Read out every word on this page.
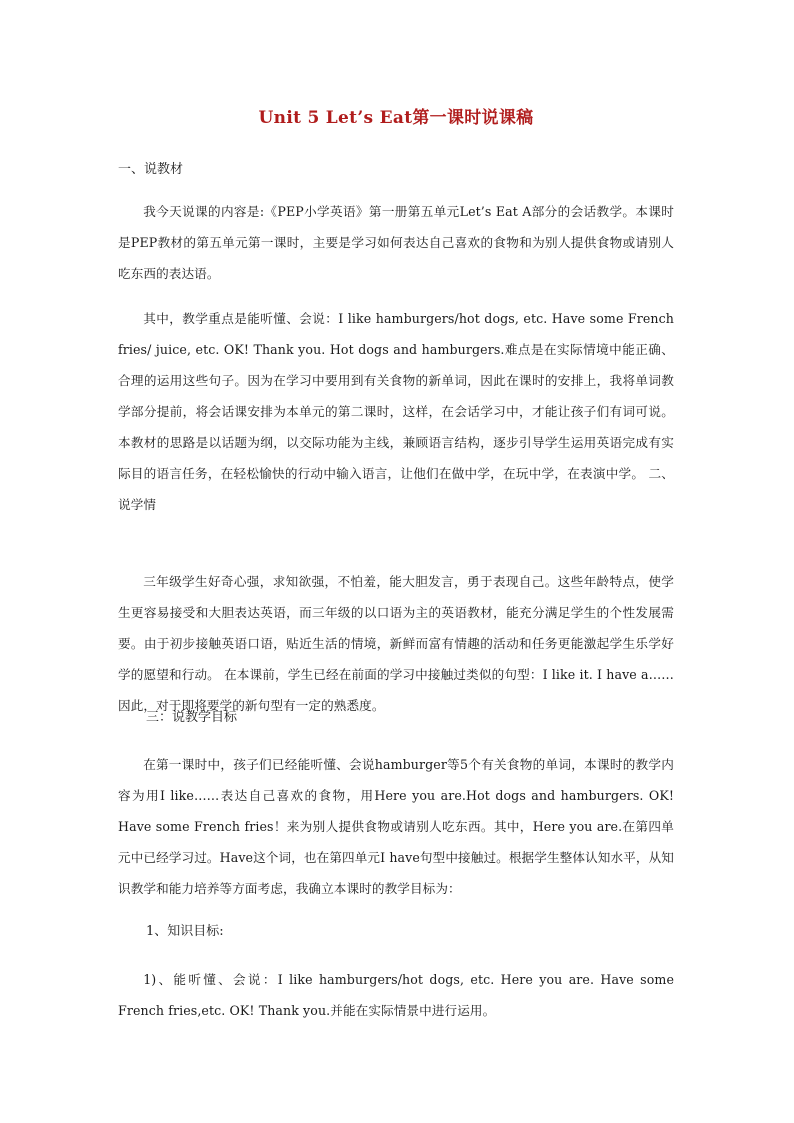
Unit 5 Let’s Eat第一课时说课稿
一、说教材
我今天说课的内容是:《PEP小学英语》第一册第五单元Let’s Eat A部分的会话教学。本课时是PEP教材的第五单元第一课时，主要是学习如何表达自己喜欢的食物和为别人提供食物或请别人吃东西的表达语。
其中，教学重点是能听懂、会说：I like hamburgers/hot dogs, etc. Have some French fries/ juice, etc. OK! Thank you. Hot dogs and hamburgers.难点是在实际情境中能正确、合理的运用这些句子。因为在学习中要用到有关食物的新单词，因此在课时的安排上，我将单词教学部分提前，将会话课安排为本单元的第二课时，这样，在会话学习中，才能让孩子们有词可说。本教材的思路是以话题为纲，以交际功能为主线，兼顾语言结构，逐步引导学生运用英语完成有实际目的语言任务，在轻松愉快的行动中输入语言，让他们在做中学，在玩中学，在表演中学。 二、说学情
三年级学生好奇心强，求知欲强，不怕羞，能大胆发言，勇于表现自己。这些年龄特点，使学生更容易接受和大胆表达英语，而三年级的以口语为主的英语教材，能充分满足学生的个性发展需要。由于初步接触英语口语，贴近生活的情境，新鲜而富有情趣的活动和任务更能激起学生乐学好学的愿望和行动。 在本课前，学生已经在前面的学习中接触过类似的句型：I like it. I have a…… 因此，对于即将要学的新句型有一定的熟悉度。
三：说教学目标
在第一课时中，孩子们已经能听懂、会说hamburger等5个有关食物的单词，本课时的教学内容为用I like……表达自己喜欢的食物，用Here you are.Hot dogs and hamburgers. OK! Have some French fries！来为别人提供食物或请别人吃东西。其中，Here you are.在第四单元中已经学习过。Have这个词，也在第四单元I have句型中接触过。根据学生整体认知水平，从知识教学和能力培养等方面考虑，我确立本课时的教学目标为：
1、知识目标:
1)、能听懂、会说：I like hamburgers/hot dogs, etc. Here you are. Have some French fries,etc. OK! Thank you.并能在实际情景中进行运用。
